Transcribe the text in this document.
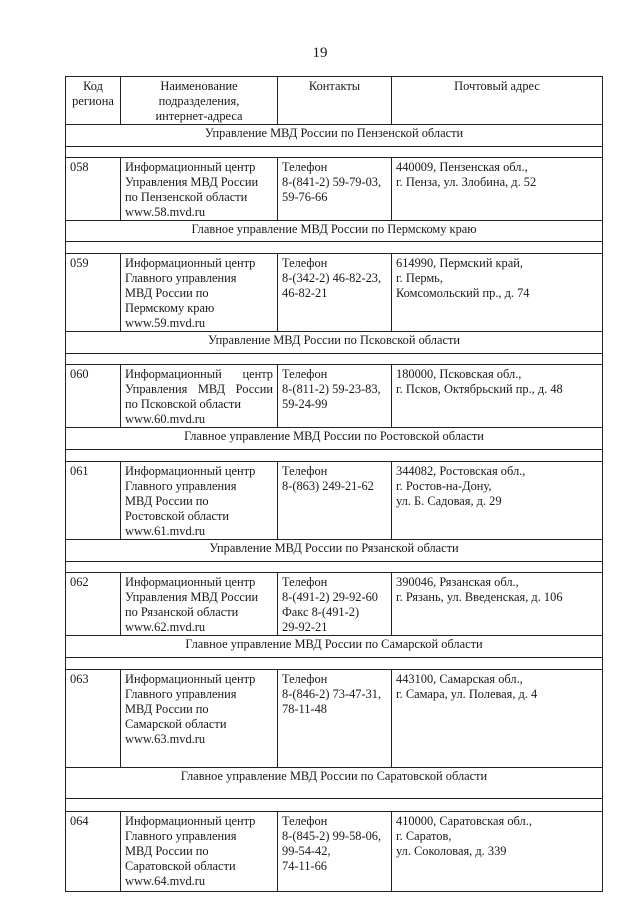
19
Код
региона	Наименование
подразделения,
интернет-адреса	Контакты	Почтовый адрес

Управление МВД России по Пензенской области			

058	Информационный центр
Управления МВД России
по Пензенской области
www.58.mvd.ru	Телефон
8-(841-2) 59-79-03,
59-76-66	440009, Пензенская обл.,
г. Пенза, ул. Злобина, д. 52

Главное управление МВД России по Пермскому краю			

059	Информационный центр
Главного управления
МВД России по
Пермскому краю
www.59.mvd.ru	Телефон
8-(342-2) 46-82-23,
46-82-21	614990, Пермский край,
г. Пермь,
Комсомольский пр., д. 74

Управление МВД России по Псковской области			

060	Информационный центр
Управления МВД России
по Псковской области
www.60.mvd.ru	Телефон
8-(811-2) 59-23-83,
59-24-99	180000, Псковская обл.,
г. Псков, Октябрьский пр., д. 48

Главное управление МВД России по Ростовской области			

061	Информационный центр
Главного управления
МВД России по
Ростовской области
www.61.mvd.ru	Телефон
8-(863) 249-21-62	344082, Ростовская обл.,
г. Ростов-на-Дону,
ул. Б. Садовая, д. 29

Управление МВД России по Рязанской области			

062	Информационный центр
Управления МВД России
по Рязанской области
www.62.mvd.ru	Телефон
8-(491-2) 29-92-60
Факс 8-(491-2)
29-92-21	390046, Рязанская обл.,
г. Рязань, ул. Введенская, д. 106

Главное управление МВД России по Самарской области			

063	Информационный центр
Главного управления
МВД России по
Самарской области
www.63.mvd.ru	Телефон
8-(846-2) 73-47-31,
78-11-48	443100, Самарская обл.,
г. Самара, ул. Полевая, д. 4

Главное управление МВД России по Саратовской области			

064	Информационный центр
Главного управления
МВД России по
Саратовской области
www.64.mvd.ru	Телефон
8-(845-2) 99-58-06,
99-54-42,
74-11-66	410000, Саратовская обл.,
г. Саратов,
ул. Соколовая, д. 339
